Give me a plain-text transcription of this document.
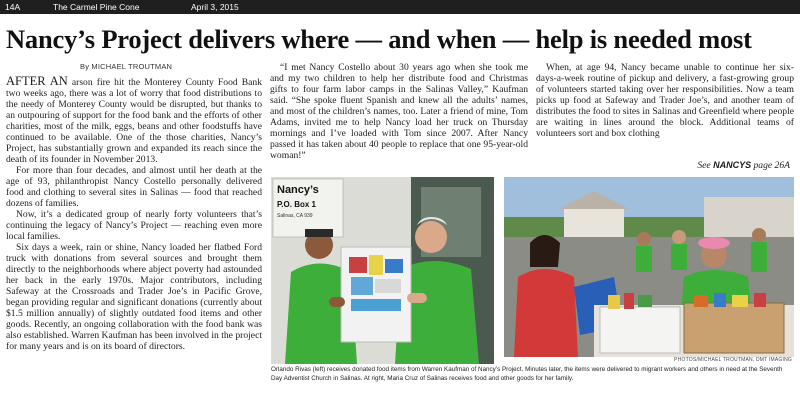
14A	The Carmel Pine Cone	April 3, 2015
Nancy’s Project delivers where — and when — help is needed most
By MICHAEL TROUTMAN

AFTER AN arson fire hit the Monterey County Food Bank two weeks ago, there was a lot of worry that food distributions to the needy of Monterey County would be disrupted, but thanks to an outpouring of support for the food bank and the efforts of other charities, most of the milk, eggs, beans and other foodstuffs have continued to be available. One of the those charities, Nancy’s Project, has substantially grown and expanded its reach since the death of its founder in November 2013.

For more than four decades, and almost until her death at the age of 93, philanthropist Nancy Costello personally delivered food and clothing to several sites in Salinas — food that reached dozens of families.

Now, it’s a dedicated group of nearly forty volunteers that’s continuing the legacy of Nancy’s Project — reaching even more local families.

Six days a week, rain or shine, Nancy loaded her flatbed Ford truck with donations from several sources and brought them directly to the neighborhoods where abject poverty had astounded her back in the early 1970s. Major contributors, including Safeway at the Crossroads and Trader Joe’s in Pacific Grove, began providing regular and significant donations (currently about $1.5 million annually) of slightly outdated food items and other goods. Recently, an ongoing collaboration with the food bank was also established. Warren Kaufman has been involved in the project for many years and is on its board of directors.

“I met Nancy Costello about 30 years ago when she took me and my two children to help her distribute food and Christmas gifts to four farm labor camps in the Salinas Valley,” Kaufman said. “She spoke fluent Spanish and knew all the adults’ names, and most of the children’s names, too. Later a friend of mine, Tom Adams, invited me to help Nancy load her truck on Thursday mornings and I’ve loaded with Tom since 2007. After Nancy passed it has taken about 40 people to replace that one 95-year-old woman!”

When, at age 94, Nancy became unable to continue her six-days-a-week routine of pickup and delivery, a fast-growing group of volunteers started taking over her responsibilities. Now a team picks up food at Safeway and Trader Joe’s, and another team of distributes the food to sites in Salinas and Greenfield where people are waiting in lines around the block. Additional teams of volunteers sort and box clothing

See NANCYS page 26A
Nancy’s
P.O. Box 1
Salinas, CA 939
PHOTOS/MICHAEL TROUTMAN, DMT IMAGING
Orlando Rivas (left) receives donated food items from Warren Kaufman of Nancy’s Project. Minutes later, the items were delivered to migrant workers and others in need at the Seventh Day Adventist Church in Salinas. At right, Maria Cruz of Salinas receives food and other goods for her family.
